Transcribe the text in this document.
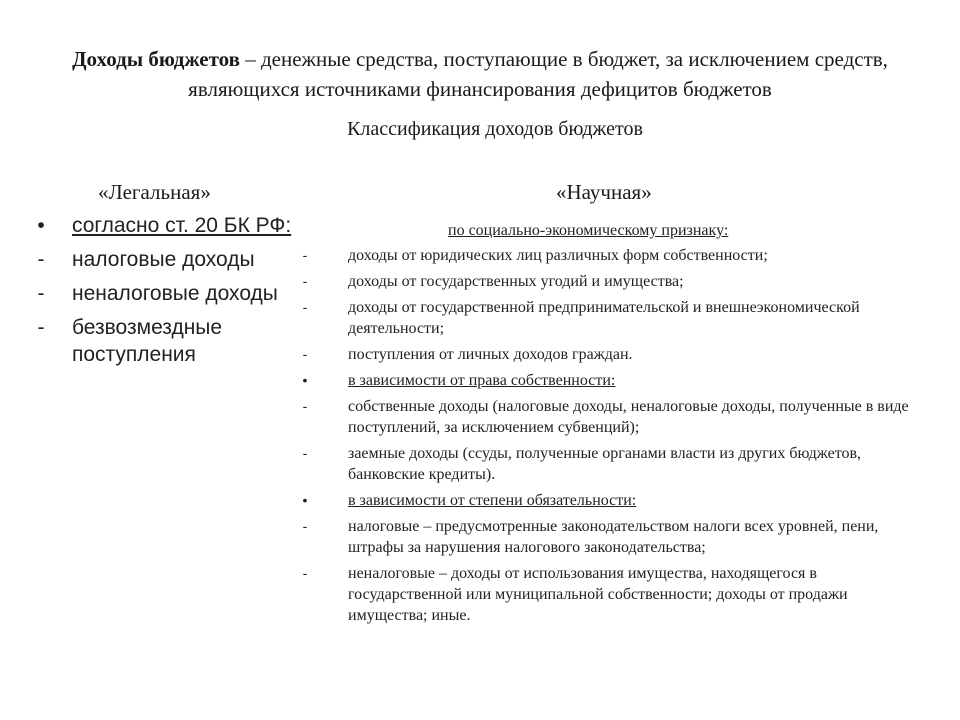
Доходы бюджетов – денежные средства, поступающие в бюджет, за исключением средств, являющихся источниками финансирования дефицитов бюджетов
Классификация доходов бюджетов
«Легальная»	«Научная»
• согласно ст. 20 БК РФ:
- налоговые доходы
- неналоговые доходы
- безвозмездные поступления
по социально-экономическому признаку:
-	доходы от юридических лиц различных форм собственности;
-	доходы от государственных угодий и имущества;
-	доходы от государственной предпринимательской и внешнеэкономической деятельности;
-	поступления от личных доходов граждан.
•	в зависимости от права собственности:
-	собственные доходы (налоговые доходы, неналоговые доходы, полученные в виде поступлений, за исключением субвенций);
-	заемные доходы (ссуды, полученные органами власти из других бюджетов, банковские кредиты).
•	в зависимости от степени обязательности:
-	налоговые – предусмотренные законодательством налоги всех уровней, пени, штрафы за нарушения налогового законодательства;
-	неналоговые – доходы от использования имущества, находящегося в государственной или муниципальной собственности; доходы от продажи имущества; иные.
